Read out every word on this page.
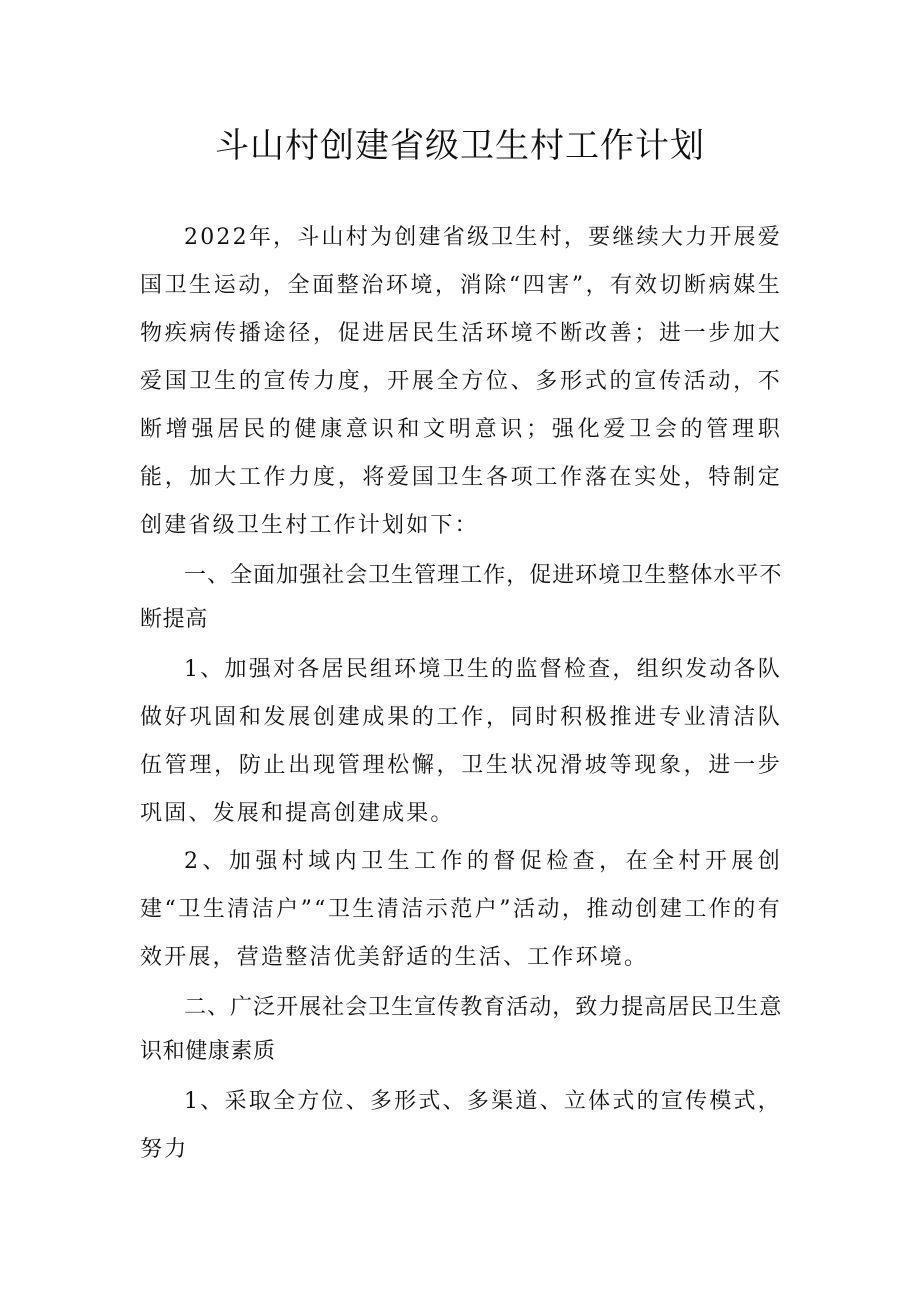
斗山村创建省级卫生村工作计划

2022年，斗山村为创建省级卫生村，要继续大力开展爱国卫生运动，全面整治环境，消除“四害”，有效切断病媒生物疾病传播途径，促进居民生活环境不断改善；进一步加大爱国卫生的宣传力度，开展全方位、多形式的宣传活动，不断增强居民的健康意识和文明意识；强化爱卫会的管理职能，加大工作力度，将爱国卫生各项工作落在实处，特制定创建省级卫生村工作计划如下：

一、全面加强社会卫生管理工作，促进环境卫生整体水平不断提高

1、加强对各居民组环境卫生的监督检查，组织发动各队做好巩固和发展创建成果的工作，同时积极推进专业清洁队伍管理，防止出现管理松懈，卫生状况滑坡等现象，进一步巩固、发展和提高创建成果。

2、加强村域内卫生工作的督促检查，在全村开展创建“卫生清洁户”“卫生清洁示范户”活动，推动创建工作的有效开展，营造整洁优美舒适的生活、工作环境。

二、广泛开展社会卫生宣传教育活动，致力提高居民卫生意识和健康素质

1、采取全方位、多形式、多渠道、立体式的宣传模式，努力
